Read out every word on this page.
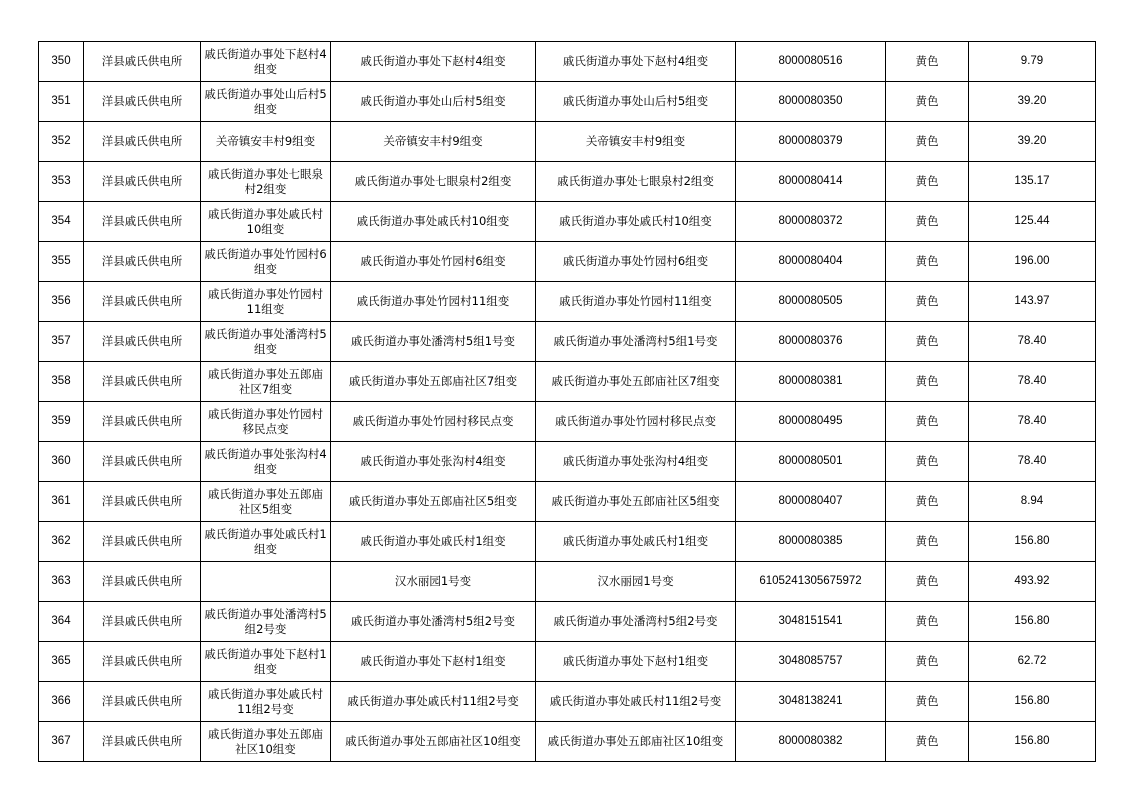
350	洋县戚氏供电所	戚氏街道办事处下赵村4组变	戚氏街道办事处下赵村4组变	戚氏街道办事处下赵村4组变	8000080516	黄色	9.79
351	洋县戚氏供电所	戚氏街道办事处山后村5组变	戚氏街道办事处山后村5组变	戚氏街道办事处山后村5组变	8000080350	黄色	39.20
352	洋县戚氏供电所	关帝镇安丰村9组变	关帝镇安丰村9组变	关帝镇安丰村9组变	8000080379	黄色	39.20
353	洋县戚氏供电所	戚氏街道办事处七眼泉村2组变	戚氏街道办事处七眼泉村2组变	戚氏街道办事处七眼泉村2组变	8000080414	黄色	135.17
354	洋县戚氏供电所	戚氏街道办事处戚氏村10组变	戚氏街道办事处戚氏村10组变	戚氏街道办事处戚氏村10组变	8000080372	黄色	125.44
355	洋县戚氏供电所	戚氏街道办事处竹园村6组变	戚氏街道办事处竹园村6组变	戚氏街道办事处竹园村6组变	8000080404	黄色	196.00
356	洋县戚氏供电所	戚氏街道办事处竹园村11组变	戚氏街道办事处竹园村11组变	戚氏街道办事处竹园村11组变	8000080505	黄色	143.97
357	洋县戚氏供电所	戚氏街道办事处潘湾村5组变	戚氏街道办事处潘湾村5组1号变	戚氏街道办事处潘湾村5组1号变	8000080376	黄色	78.40
358	洋县戚氏供电所	戚氏街道办事处五郎庙社区7组变	戚氏街道办事处五郎庙社区7组变	戚氏街道办事处五郎庙社区7组变	8000080381	黄色	78.40
359	洋县戚氏供电所	戚氏街道办事处竹园村移民点变	戚氏街道办事处竹园村移民点变	戚氏街道办事处竹园村移民点变	8000080495	黄色	78.40
360	洋县戚氏供电所	戚氏街道办事处张沟村4组变	戚氏街道办事处张沟村4组变	戚氏街道办事处张沟村4组变	8000080501	黄色	78.40
361	洋县戚氏供电所	戚氏街道办事处五郎庙社区5组变	戚氏街道办事处五郎庙社区5组变	戚氏街道办事处五郎庙社区5组变	8000080407	黄色	8.94
362	洋县戚氏供电所	戚氏街道办事处戚氏村1组变	戚氏街道办事处戚氏村1组变	戚氏街道办事处戚氏村1组变	8000080385	黄色	156.80
363	洋县戚氏供电所		汉水丽园1号变	汉水丽园1号变	6105241305675972	黄色	493.92
364	洋县戚氏供电所	戚氏街道办事处潘湾村5组2号变	戚氏街道办事处潘湾村5组2号变	戚氏街道办事处潘湾村5组2号变	3048151541	黄色	156.80
365	洋县戚氏供电所	戚氏街道办事处下赵村1组变	戚氏街道办事处下赵村1组变	戚氏街道办事处下赵村1组变	3048085757	黄色	62.72
366	洋县戚氏供电所	戚氏街道办事处戚氏村11组2号变	戚氏街道办事处戚氏村11组2号变	戚氏街道办事处戚氏村11组2号变	3048138241	黄色	156.80
367	洋县戚氏供电所	戚氏街道办事处五郎庙社区10组变	戚氏街道办事处五郎庙社区10组变	戚氏街道办事处五郎庙社区10组变	8000080382	黄色	156.80
